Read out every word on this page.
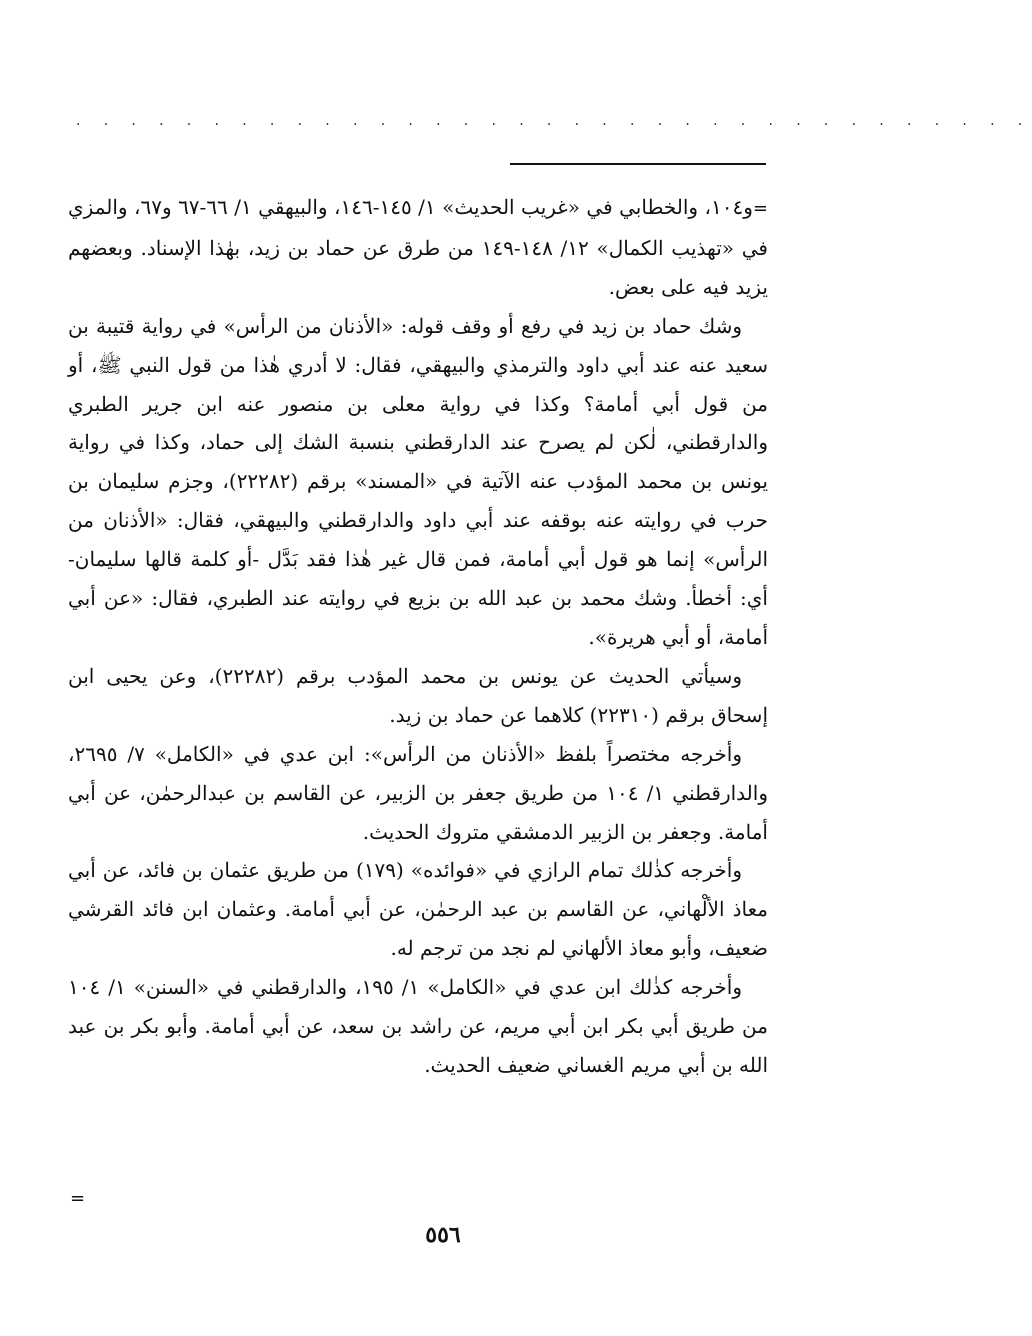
. . . . . . . . . . . . . . . . . . . . . . . . . . . . . . . . . . .

=و١٠٤، والخطابي في «غريب الحديث» ١/ ١٤٥-١٤٦، والبيهقي ١/ ٦٦-٦٧ و٦٧، والمزي في «تهذيب الكمال» ١٢/ ١٤٨-١٤٩ من طرق عن حماد بن زيد، بهٰذا الإسناد. وبعضهم يزيد فيه على بعض.

وشك حماد بن زيد في رفع أو وقف قوله: «الأذنان من الرأس» في رواية قتيبة بن سعيد عنه عند أبي داود والترمذي والبيهقي، فقال: لا أدري هٰذا من قول النبي ﷺ، أو من قول أبي أمامة؟ وكذا في رواية معلى بن منصور عنه ابن جرير الطبري والدارقطني، لٰكن لم يصرح عند الدارقطني بنسبة الشك إلى حماد، وكذا في رواية يونس بن محمد المؤدب عنه الآتية في «المسند» برقم (٢٢٢٨٢)، وجزم سليمان بن حرب في روايته عنه بوقفه عند أبي داود والدارقطني والبيهقي، فقال: «الأذنان من الرأس» إنما هو قول أبي أمامة، فمن قال غير هٰذا فقد بَدَّل -أو كلمة قالها سليمان- أي: أخطأ. وشك محمد بن عبد الله بن بزيع في روايته عند الطبري، فقال: «عن أبي أمامة، أو أبي هريرة».

وسيأتي الحديث عن يونس بن محمد المؤدب برقم (٢٢٢٨٢)، وعن يحيى ابن إسحاق برقم (٢٢٣١٠) كلاهما عن حماد بن زيد.

وأخرجه مختصراً بلفظ «الأذنان من الرأس»: ابن عدي في «الكامل» ٧/ ٢٦٩٥، والدارقطني ١/ ١٠٤ من طريق جعفر بن الزبير، عن القاسم بن عبدالرحمٰن، عن أبي أمامة. وجعفر بن الزبير الدمشقي متروك الحديث.

وأخرجه كذٰلك تمام الرازي في «فوائده» (١٧٩) من طريق عثمان بن فائد، عن أبي معاذ الألْهاني، عن القاسم بن عبد الرحمٰن، عن أبي أمامة. وعثمان ابن فائد القرشي ضعيف، وأبو معاذ الألهاني لم نجد من ترجم له.

وأخرجه كذٰلك ابن عدي في «الكامل» ١/ ١٩٥، والدارقطني في «السنن» ١/ ١٠٤ من طريق أبي بكر ابن أبي مريم، عن راشد بن سعد، عن أبي أمامة. وأبو بكر بن عبد الله بن أبي مريم الغساني ضعيف الحديث.

=
٥٥٦
